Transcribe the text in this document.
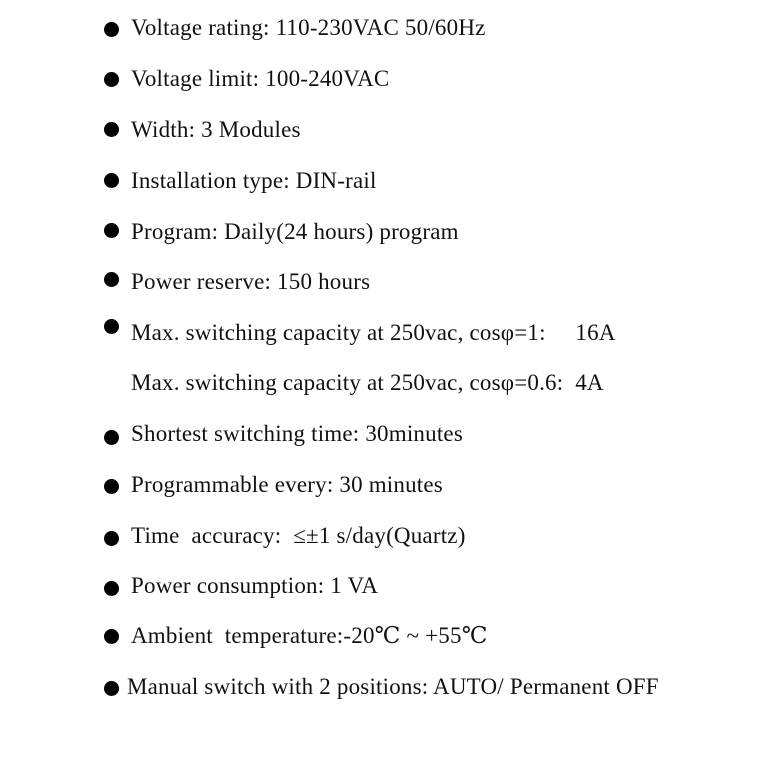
Voltage rating: 110-230VAC 50/60Hz
Voltage limit: 100-240VAC
Width: 3 Modules
Installation type: DIN-rail
Program: Daily(24 hours) program
Power reserve: 150 hours
Max. switching capacity at 250vac, cosφ=1:     16A
Max. switching capacity at 250vac, cosφ=0.6:  4A
Shortest switching time: 30minutes
Programmable every: 30 minutes
Time  accuracy:  ≤±1 s/day(Quartz)
Power consumption: 1 VA
Ambient  temperature:-20℃ ~ +55℃
Manual switch with 2 positions: AUTO/ Permanent OFF
